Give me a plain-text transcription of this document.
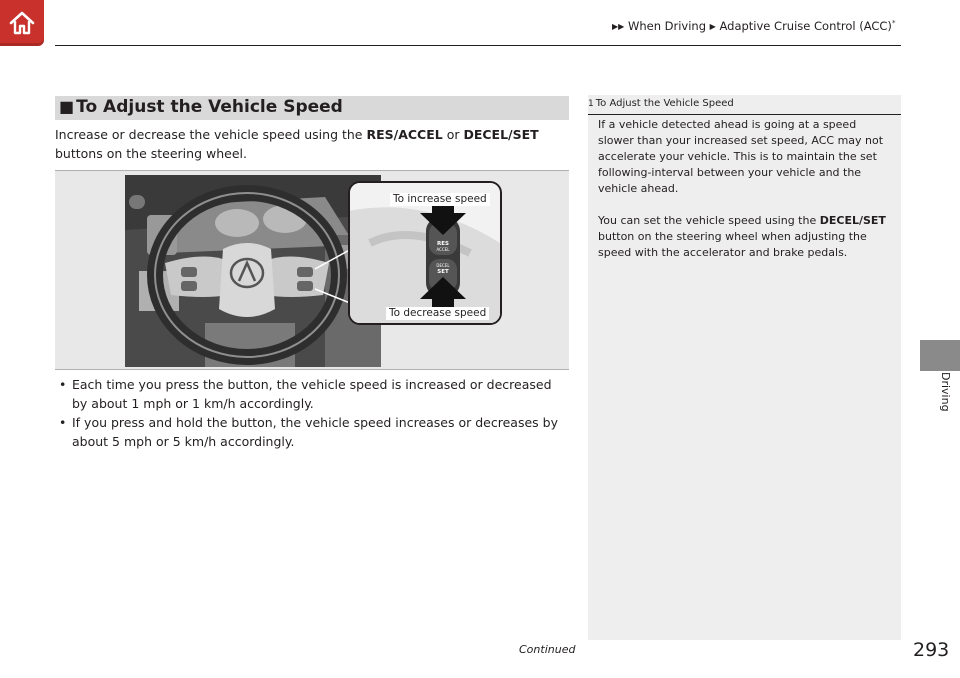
▶▶ When Driving ▶ Adaptive Cruise Control (ACC)*
■ To Adjust the Vehicle Speed
Increase or decrease the vehicle speed using the RES/ACCEL or DECEL/SET buttons on the steering wheel.
RES
ACCEL
DECEL
SET
To increase speed
To decrease speed
• Each time you press the button, the vehicle speed is increased or decreased by about 1 mph or 1 km/h accordingly.
• If you press and hold the button, the vehicle speed increases or decreases by about 5 mph or 5 km/h accordingly.
1 To Adjust the Vehicle Speed

If a vehicle detected ahead is going at a speed slower than your increased set speed, ACC may not accelerate your vehicle. This is to maintain the set following-interval between your vehicle and the vehicle ahead.

You can set the vehicle speed using the DECEL/SET button on the steering wheel when adjusting the speed with the accelerator and brake pedals.

Driving
Continued	293
